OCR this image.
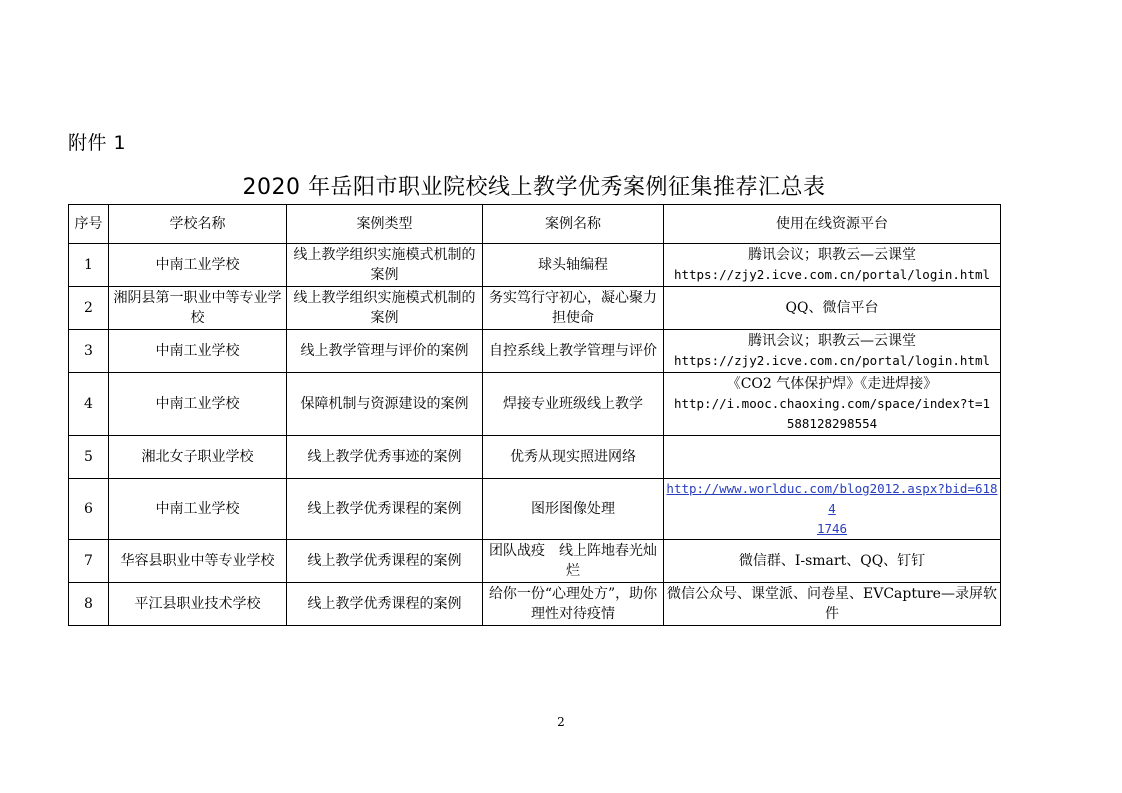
附件 1
2020 年岳阳市职业院校线上教学优秀案例征集推荐汇总表
序号	学校名称	案例类型	案例名称	使用在线资源平台
1	中南工业学校	线上教学组织实施模式机制的案例	球头轴编程	腾讯会议；职教云—云课堂
https://zjy2.icve.com.cn/portal/login.html

2	湘阴县第一职业中等专业学校	线上教学组织实施模式机制的案例	务实笃行守初心，凝心聚力担使命	QQ、微信平台

3	中南工业学校	线上教学管理与评价的案例	自控系线上教学管理与评价	腾讯会议；职教云—云课堂
https://zjy2.icve.com.cn/portal/login.html

4	中南工业学校	保障机制与资源建设的案例	焊接专业班级线上教学	《CO2 气体保护焊》《走进焊接》
http://i.mooc.chaoxing.com/space/index?t=1
588128298554

5	湘北女子职业学校	线上教学优秀事迹的案例	优秀从现实照进网络	
6	中南工业学校	线上教学优秀课程的案例	图形图像处理	http://www.worlduc.com/blog2012.aspx?bid=6184
1746

7	华容县职业中等专业学校	线上教学优秀课程的案例	团队战疫　线上阵地春光灿烂	微信群、I-smart、QQ、钉钉

8	平江县职业技术学校	线上教学优秀课程的案例	给你一份“心理处方”，助你理性对待疫情	微信公众号、课堂派、问卷星、EVCapture—录屏软件
2
